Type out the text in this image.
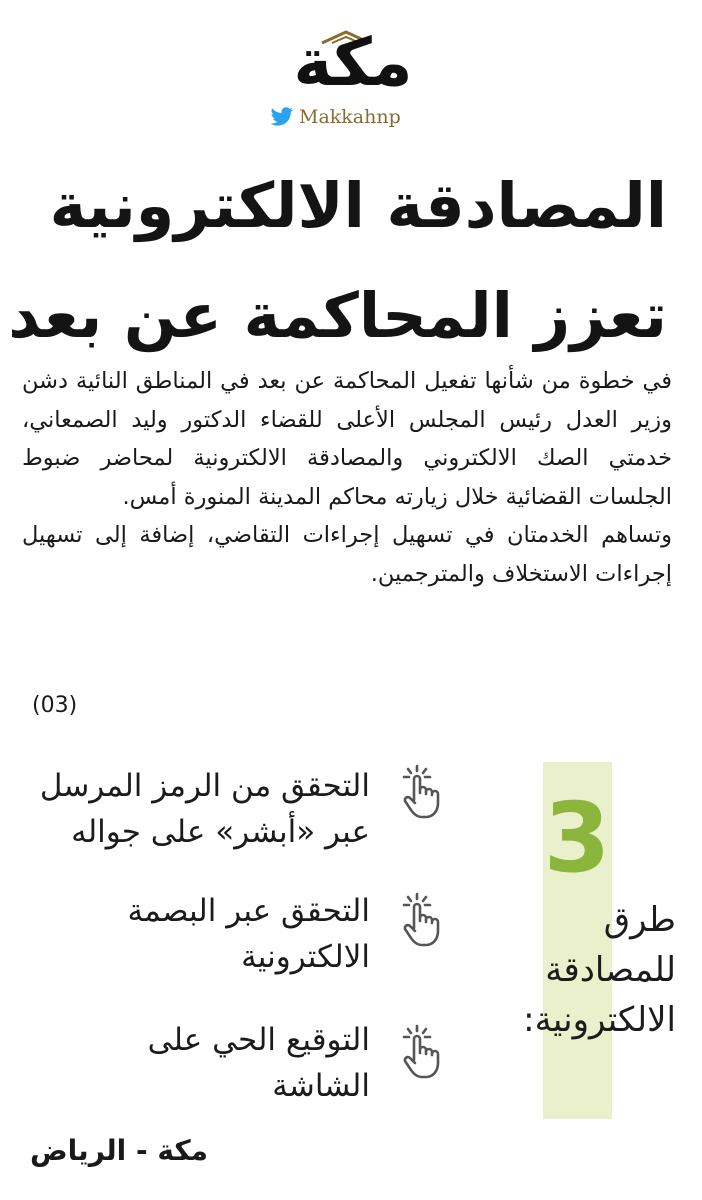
مكة
Makkahnp
المصادقة الالكترونية
تعزز المحاكمة عن بعد

في خطوة من شأنها تفعيل المحاكمة عن بعد في المناطق النائية دشن وزير العدل رئيس المجلس الأعلى للقضاء الدكتور وليد الصمعاني، خدمتي الصك الالكتروني والمصادقة الالكترونية لمحاضر ضبوط الجلسات القضائية خلال زيارته محاكم المدينة المنورة أمس.

وتساهم الخدمتان في تسهيل إجراءات التقاضي، إضافة إلى تسهيل إجراءات الاستخلاف والمترجمين.

(03)
3
طرق
للمصادقة
الالكترونية:
التحقق من الرمز المرسل
عبر «أبشر» على جواله
التحقق عبر البصمة
الالكترونية
التوقيع الحي على
الشاشة
مكة - الرياض
